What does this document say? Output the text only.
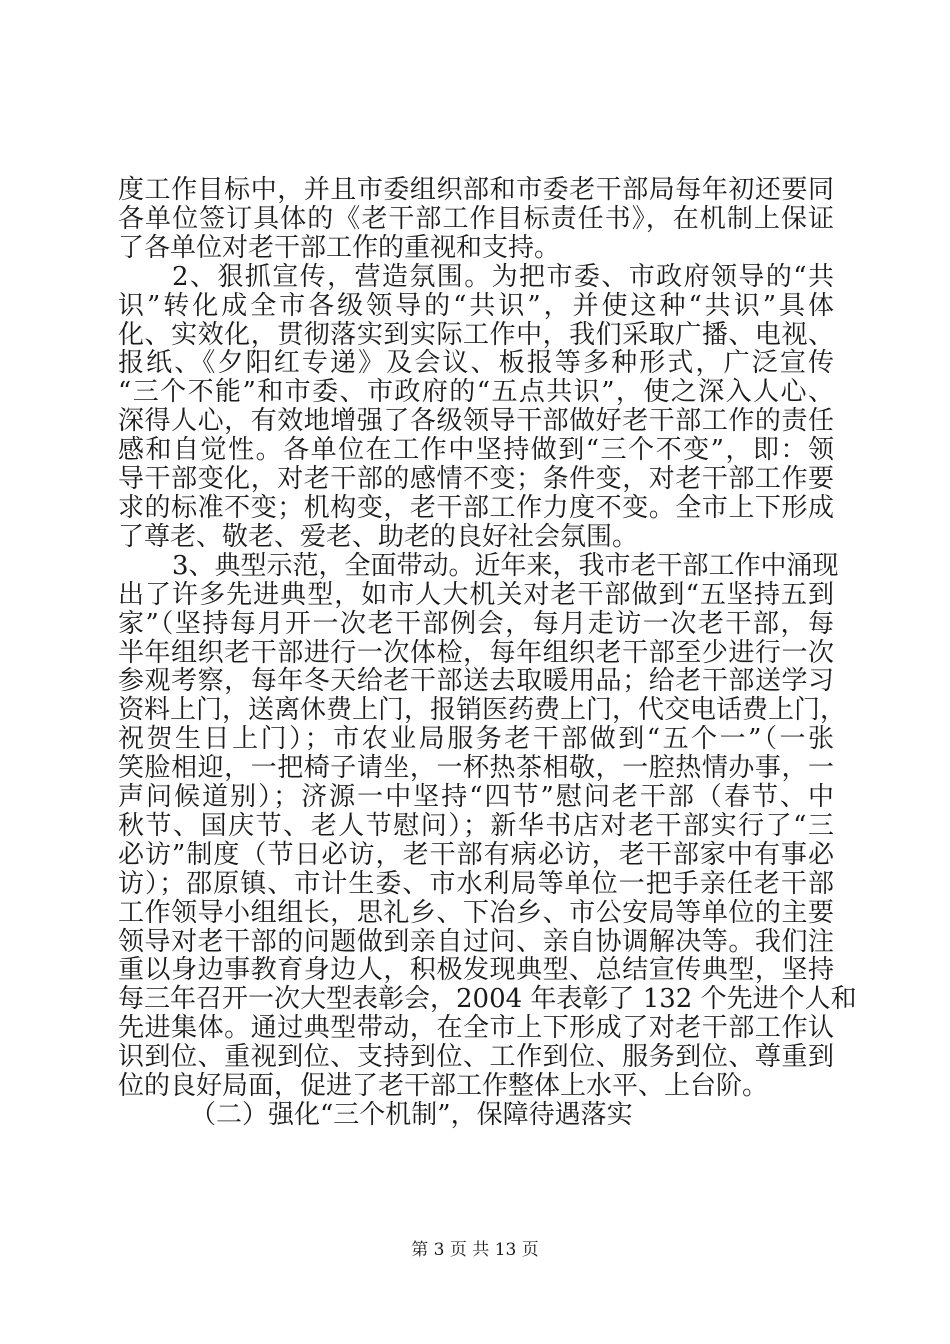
度工作目标中，并且市委组织部和市委老干部局每年初还要同
各单位签订具体的《老干部工作目标责任书》，在机制上保证
了各单位对老干部工作的重视和支持。
2、狠抓宣传，营造氛围。为把市委、市政府领导的“共
识”转化成全市各级领导的“共识”，并使这种“共识”具体
化、实效化，贯彻落实到实际工作中，我们采取广播、电视、
报纸、《夕阳红专递》及会议、板报等多种形式，广泛宣传
“三个不能”和市委、市政府的“五点共识”，使之深入人心、
深得人心，有效地增强了各级领导干部做好老干部工作的责任
感和自觉性。各单位在工作中坚持做到“三个不变”，即：领
导干部变化，对老干部的感情不变；条件变，对老干部工作要
求的标准不变；机构变，老干部工作力度不变。全市上下形成
了尊老、敬老、爱老、助老的良好社会氛围。
3、典型示范，全面带动。近年来，我市老干部工作中涌现
出了许多先进典型，如市人大机关对老干部做到“五坚持五到
家”（坚持每月开一次老干部例会，每月走访一次老干部，每
半年组织老干部进行一次体检，每年组织老干部至少进行一次
参观考察，每年冬天给老干部送去取暖用品；给老干部送学习
资料上门，送离休费上门，报销医药费上门，代交电话费上门，
祝贺生日上门）；市农业局服务老干部做到“五个一”（一张
笑脸相迎，一把椅子请坐，一杯热茶相敬，一腔热情办事，一
声问候道别）；济源一中坚持“四节”慰问老干部（春节、中
秋节、国庆节、老人节慰问）；新华书店对老干部实行了“三
必访”制度（节日必访，老干部有病必访，老干部家中有事必
访）；邵原镇、市计生委、市水利局等单位一把手亲任老干部
工作领导小组组长，思礼乡、下冶乡、市公安局等单位的主要
领导对老干部的问题做到亲自过问、亲自协调解决等。我们注
重以身边事教育身边人，积极发现典型、总结宣传典型，坚持
每三年召开一次大型表彰会，2004 年表彰了 132 个先进个人和
先进集体。通过典型带动，在全市上下形成了对老干部工作认
识到位、重视到位、支持到位、工作到位、服务到位、尊重到
位的良好局面，促进了老干部工作整体上水平、上台阶。
（二）强化“三个机制”，保障待遇落实
第 3 页 共 13 页
